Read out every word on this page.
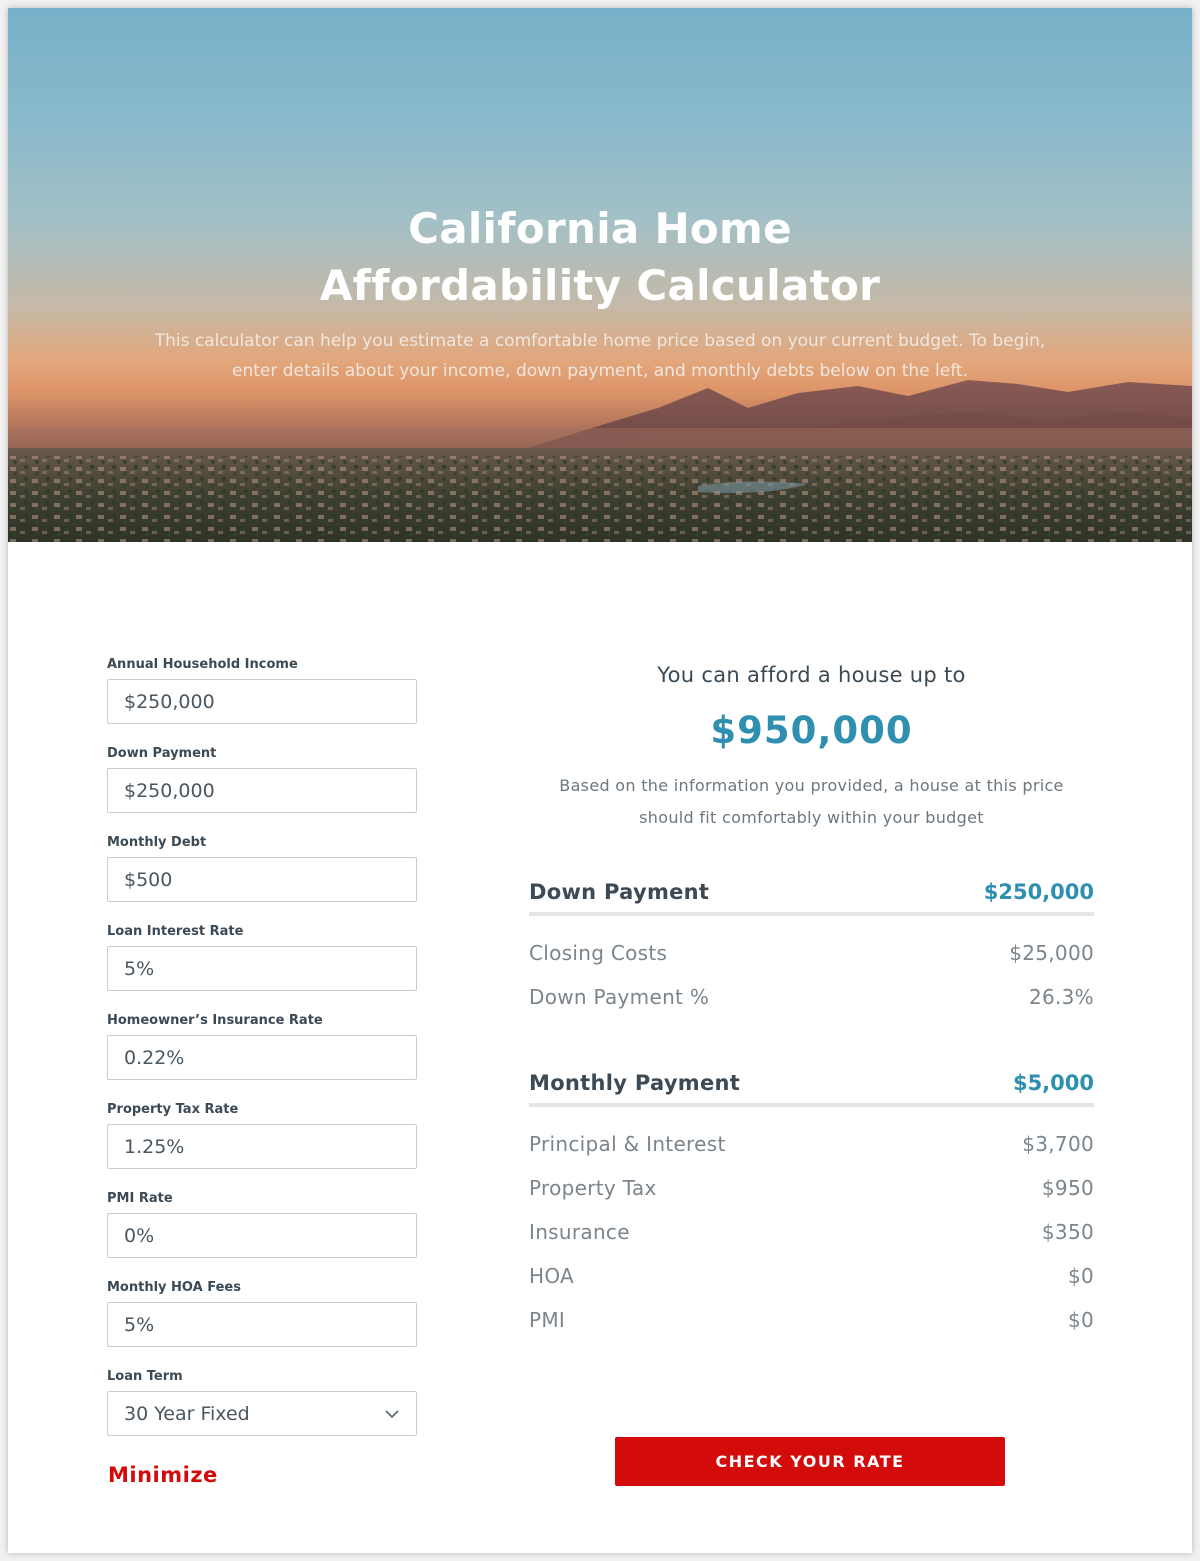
California Home
Affordability Calculator
This calculator can help you estimate a comfortable home price based on your current budget. To begin, enter details about your income, down payment, and monthly debts below on the left.
Annual Household Income
$250,000
Down Payment
$250,000
Monthly Debt
$500
Loan Interest Rate
5%
Homeowner’s Insurance Rate
0.22%
Property Tax Rate
1.25%
PMI Rate
0%
Monthly HOA Fees
5%
Loan Term
30 Year Fixed
Minimize
You can afford a house up to
$950,000
Based on the information you provided, a house at this price should fit comfortably within your budget
Down Payment	$250,000
Closing Costs	$25,000
Down Payment %	26.3%
Monthly Payment	$5,000
Principal & Interest	$3,700
Property Tax	$950
Insurance	$350
HOA	$0
PMI	$0
CHECK YOUR RATE
